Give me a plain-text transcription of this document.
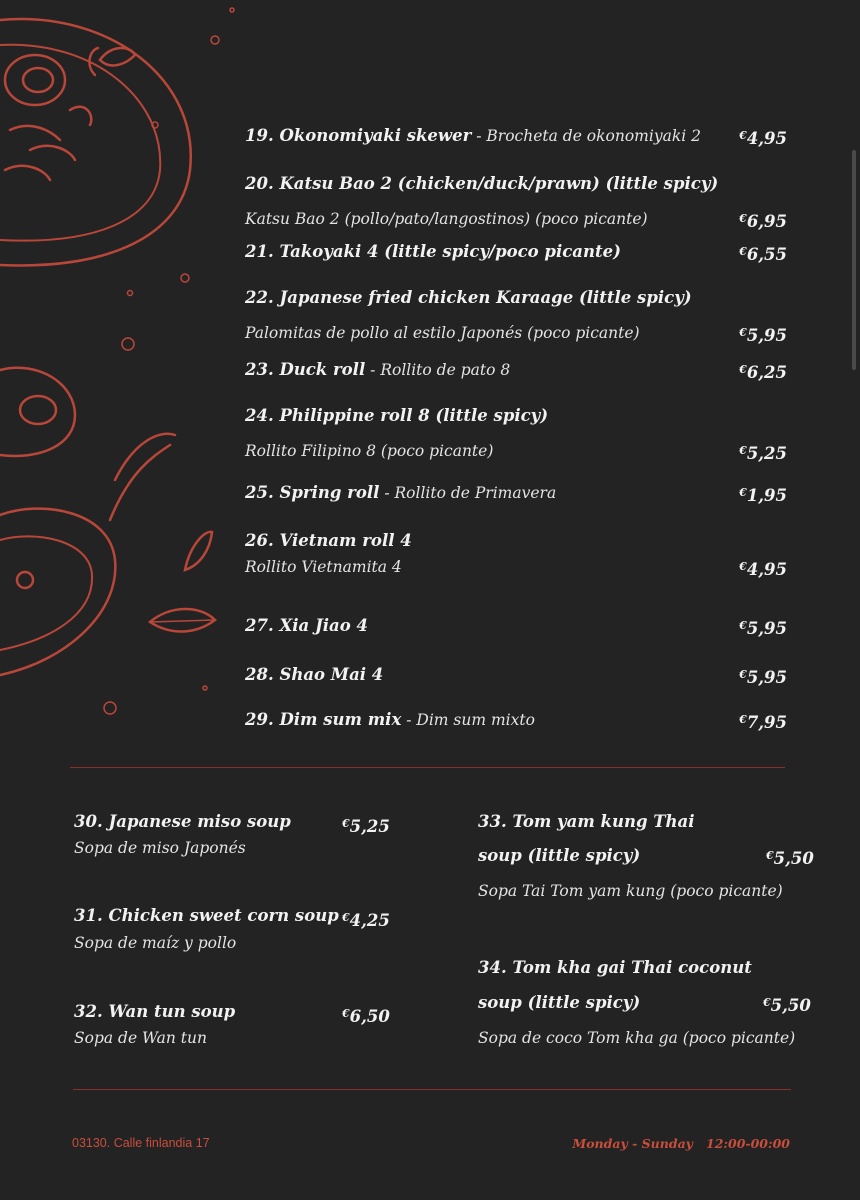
19. Okonomiyaki skewer - Brocheta de okonomiyaki 2	€4,95
20. Katsu Bao 2 (chicken/duck/prawn) (little spicy)
Katsu Bao 2 (pollo/pato/langostinos) (poco picante)	€6,95
21. Takoyaki 4 (little spicy/poco picante)	€6,55
22. Japanese fried chicken Karaage (little spicy)
Palomitas de pollo al estilo Japonés (poco picante)	€5,95
23. Duck roll - Rollito de pato 8	€6,25
24. Philippine roll 8 (little spicy)
Rollito Filipino 8 (poco picante)	€5,25
25. Spring roll - Rollito de Primavera	€1,95
26. Vietnam roll 4
Rollito Vietnamita 4	€4,95
27. Xia Jiao 4	€5,95
28. Shao Mai 4	€5,95
29. Dim sum mix - Dim sum mixto	€7,95
30. Japanese miso soup	€5,25
Sopa de miso Japonés
31. Chicken sweet corn soup €4,25
Sopa de maíz y pollo
32. Wan tun soup	€6,50
Sopa de Wan tun
33. Tom yam kung Thai
soup (little spicy)	€5,50
Sopa Tai Tom yam kung (poco picante)
34. Tom kha gai Thai coconut
soup (little spicy)	€5,50
Sopa de coco Tom kha ga (poco picante)
03130. Calle finlandia 17	Monday - Sunday   12:00-00:00
